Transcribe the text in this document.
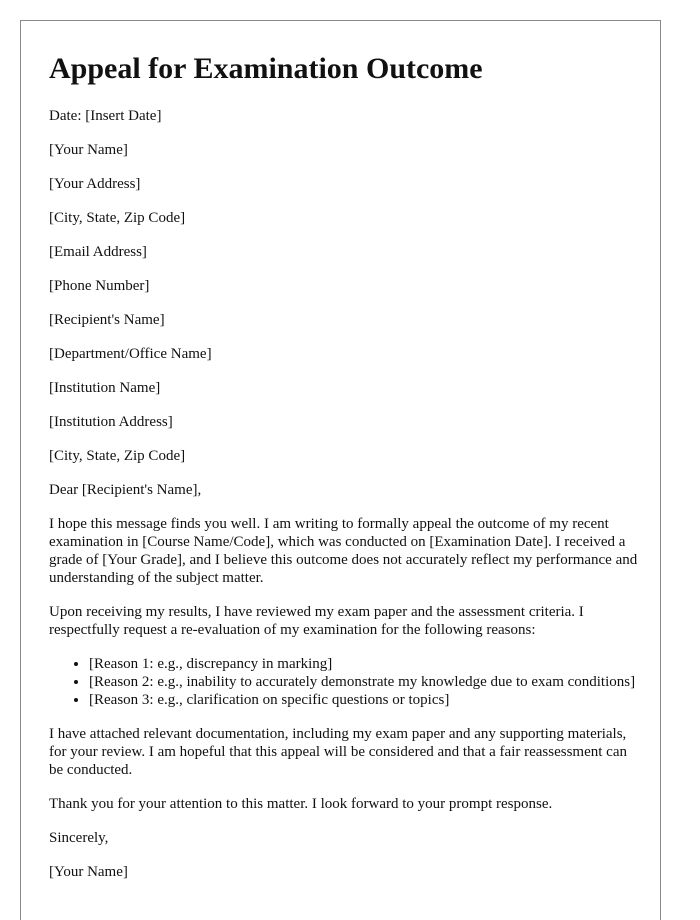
Appeal for Examination Outcome

Date: [Insert Date]

[Your Name]

[Your Address]

[City, State, Zip Code]

[Email Address]

[Phone Number]

[Recipient's Name]

[Department/Office Name]

[Institution Name]

[Institution Address]

[City, State, Zip Code]

Dear [Recipient's Name],

I hope this message finds you well. I am writing to formally appeal the outcome of my recent examination in [Course Name/Code], which was conducted on [Examination Date]. I received a grade of [Your Grade], and I believe this outcome does not accurately reflect my performance and understanding of the subject matter.

Upon receiving my results, I have reviewed my exam paper and the assessment criteria. I respectfully request a re-evaluation of my examination for the following reasons:

• [Reason 1: e.g., discrepancy in marking]
• [Reason 2: e.g., inability to accurately demonstrate my knowledge due to exam conditions]
• [Reason 3: e.g., clarification on specific questions or topics]

I have attached relevant documentation, including my exam paper and any supporting materials, for your review. I am hopeful that this appeal will be considered and that a fair reassessment can be conducted.

Thank you for your attention to this matter. I look forward to your prompt response.

Sincerely,

[Your Name]
